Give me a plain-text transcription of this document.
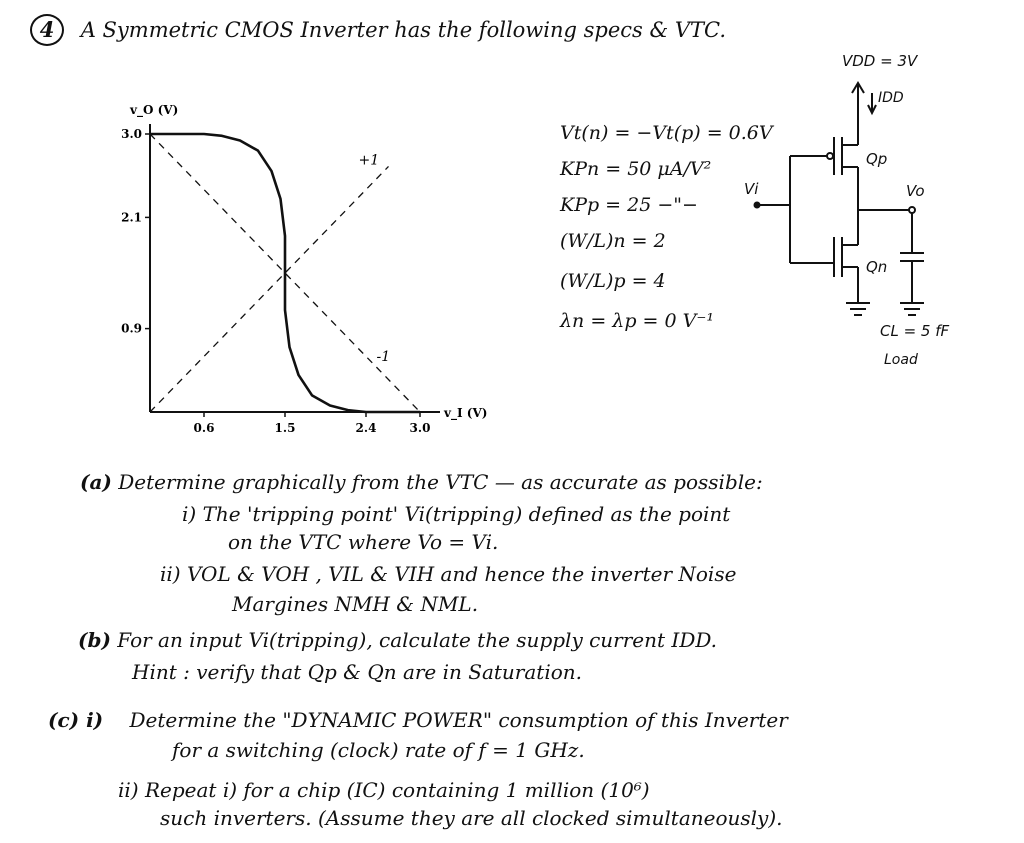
4 A Symmetric CMOS Inverter has the following specs & VTC.
v_I (V)
v_O (V)
0.6	1.5	2.4	3.0
3.0
2.1
0.9
+1
-1
Vt(n) = −Vt(p) = 0.6V
KPn = 50 μA/V²
KPp = 25 −"−
(W/L)n = 2
(W/L)p = 4
λn = λp = 0 V⁻¹
VDD = 3V
IDD
Qp
Qn
Vi	Vo
CL = 5 fF
Load
(a) Determine graphically from the VTC — as accurate as possible:
i) The 'tripping point' Vi(tripping) defined as the point
on the VTC where Vo = Vi.
ii) VOL & VOH , VIL & VIH and hence the inverter Noise
Margines NMH & NML.
(b) For an input Vi(tripping), calculate the supply current IDD.
Hint : verify that Qp & Qn are in Saturation.
(c) i) Determine the "DYNAMIC POWER" consumption of this Inverter
for a switching (clock) rate of f = 1 GHz.
ii) Repeat i) for a chip (IC) containing 1 million (10⁶)
such inverters. (Assume they are all clocked simultaneously).
